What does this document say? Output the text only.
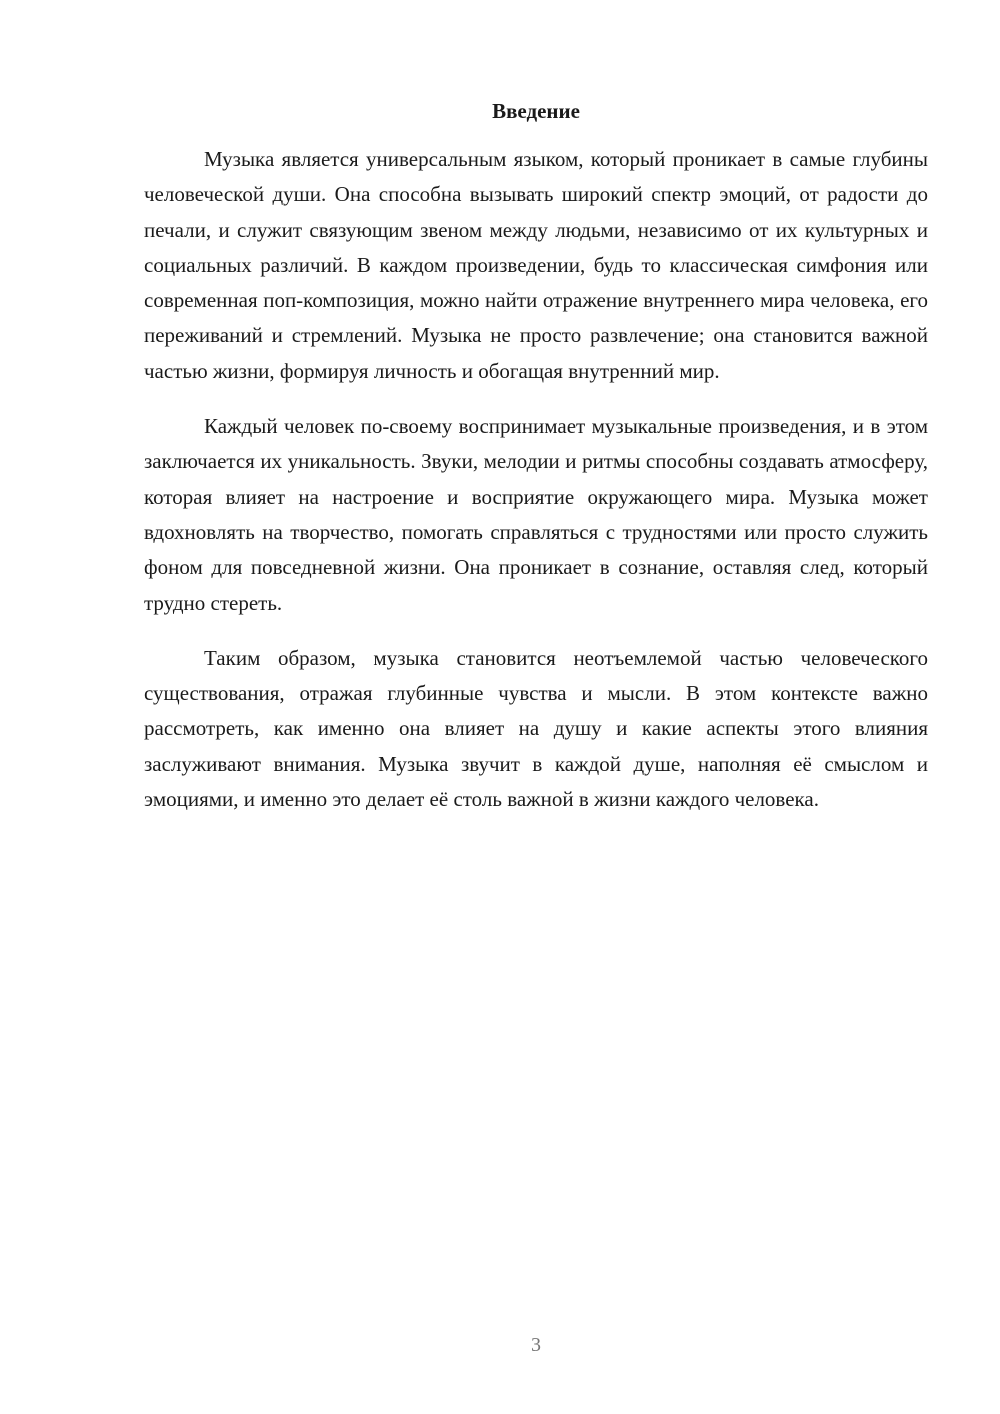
Введение

Музыка является универсальным языком, который проникает в самые глубины человеческой души. Она способна вызывать широкий спектр эмоций, от радости до печали, и служит связующим звеном между людьми, независимо от их культурных и социальных различий. В каждом произведении, будь то классическая симфония или современная поп-композиция, можно найти отражение внутреннего мира человека, его переживаний и стремлений. Музыка не просто развлечение; она становится важной частью жизни, формируя личность и обогащая внутренний мир.

Каждый человек по-своему воспринимает музыкальные произведения, и в этом заключается их уникальность. Звуки, мелодии и ритмы способны создавать атмосферу, которая влияет на настроение и восприятие окружающего мира. Музыка может вдохновлять на творчество, помогать справляться с трудностями или просто служить фоном для повседневной жизни. Она проникает в сознание, оставляя след, который трудно стереть.

Таким образом, музыка становится неотъемлемой частью человеческого существования, отражая глубинные чувства и мысли. В этом контексте важно рассмотреть, как именно она влияет на душу и какие аспекты этого влияния заслуживают внимания. Музыка звучит в каждой душе, наполняя её смыслом и эмоциями, и именно это делает её столь важной в жизни каждого человека.

3
